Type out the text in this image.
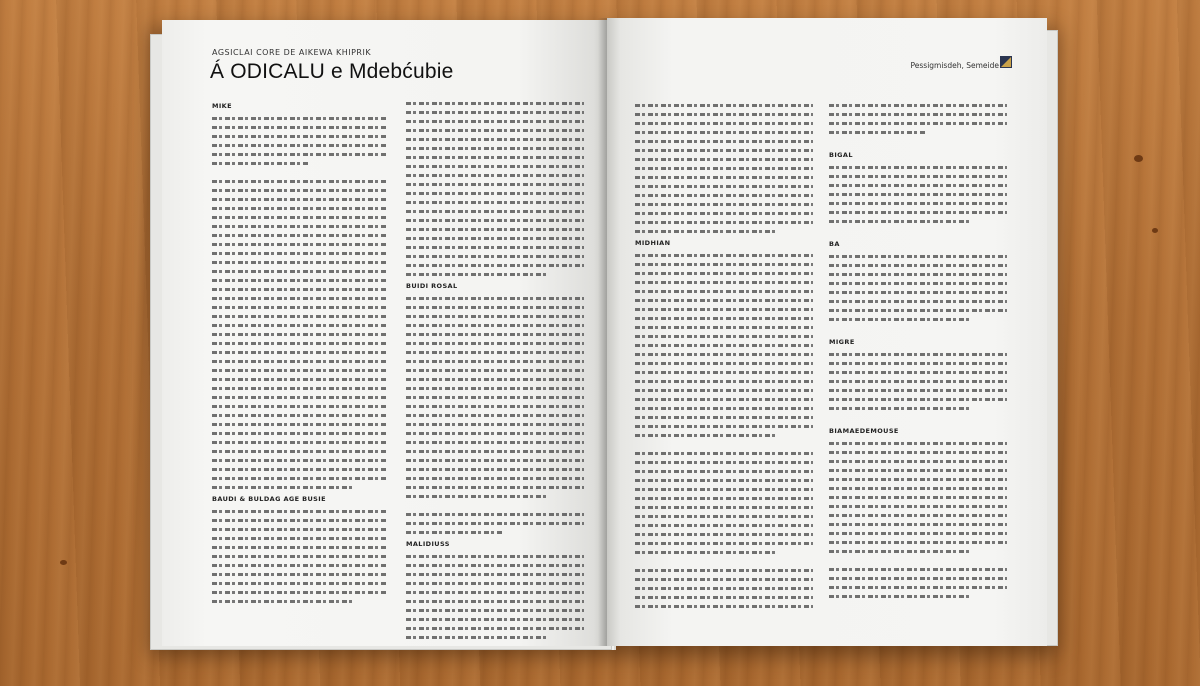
AGSICLAI CORE DE AIKEWA KHIPRIK
Á ODICALU e Mdebćubie
MIKE
BAUDI & BULDAG AGE BUSIE
BUIDI ROSAL
MALIDIUSS
Pessigmisdeh, Semeide
MIDHIAN
BIGAL
BA
MIGRE
BIAMAEDEMOUSE
